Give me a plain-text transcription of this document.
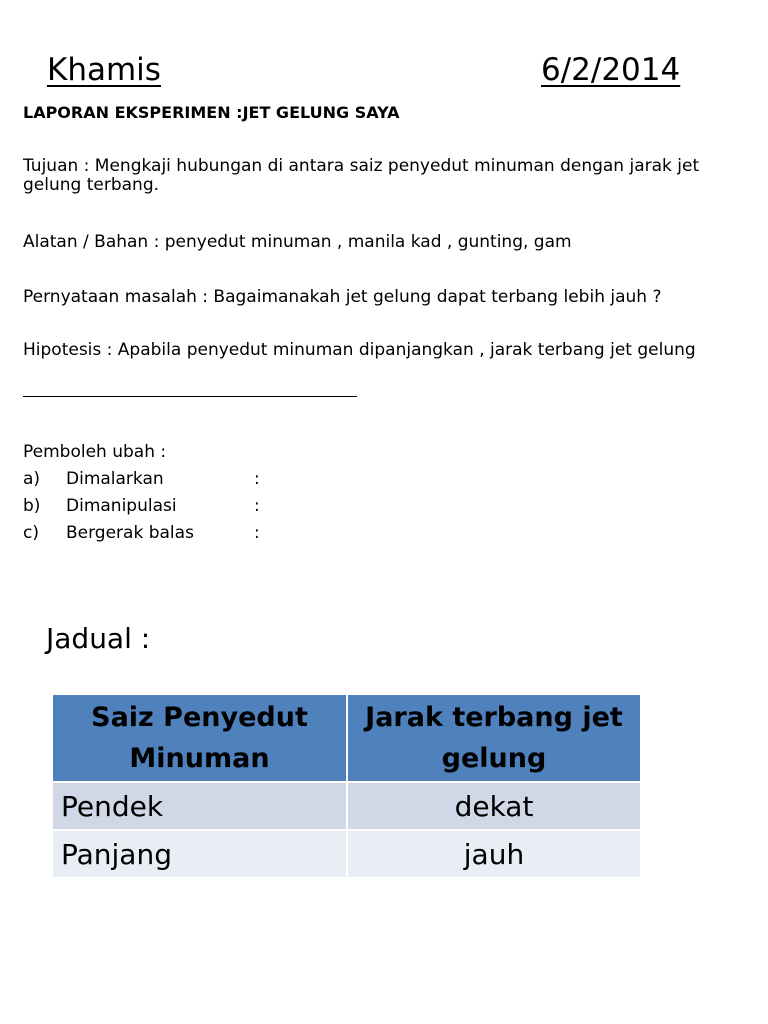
Khamis	6/2/2014
LAPORAN EKSPERIMEN :JET GELUNG SAYA
Tujuan : Mengkaji hubungan di antara saiz penyedut minuman dengan jarak jet gelung terbang.
Alatan / Bahan : penyedut minuman , manila kad , gunting, gam
Pernyataan masalah : Bagaimanakah jet gelung dapat terbang lebih jauh ?
Hipotesis : Apabila penyedut minuman dipanjangkan , jarak terbang jet gelung
Pemboleh ubah :
a) Dimalarkan	:
b) Dimanipulasi	:
c) Bergerak balas	:
Jadual :
Saiz Penyedut Minuman	Jarak terbang jet gelung
Pendek	dekat
Panjang	jauh
